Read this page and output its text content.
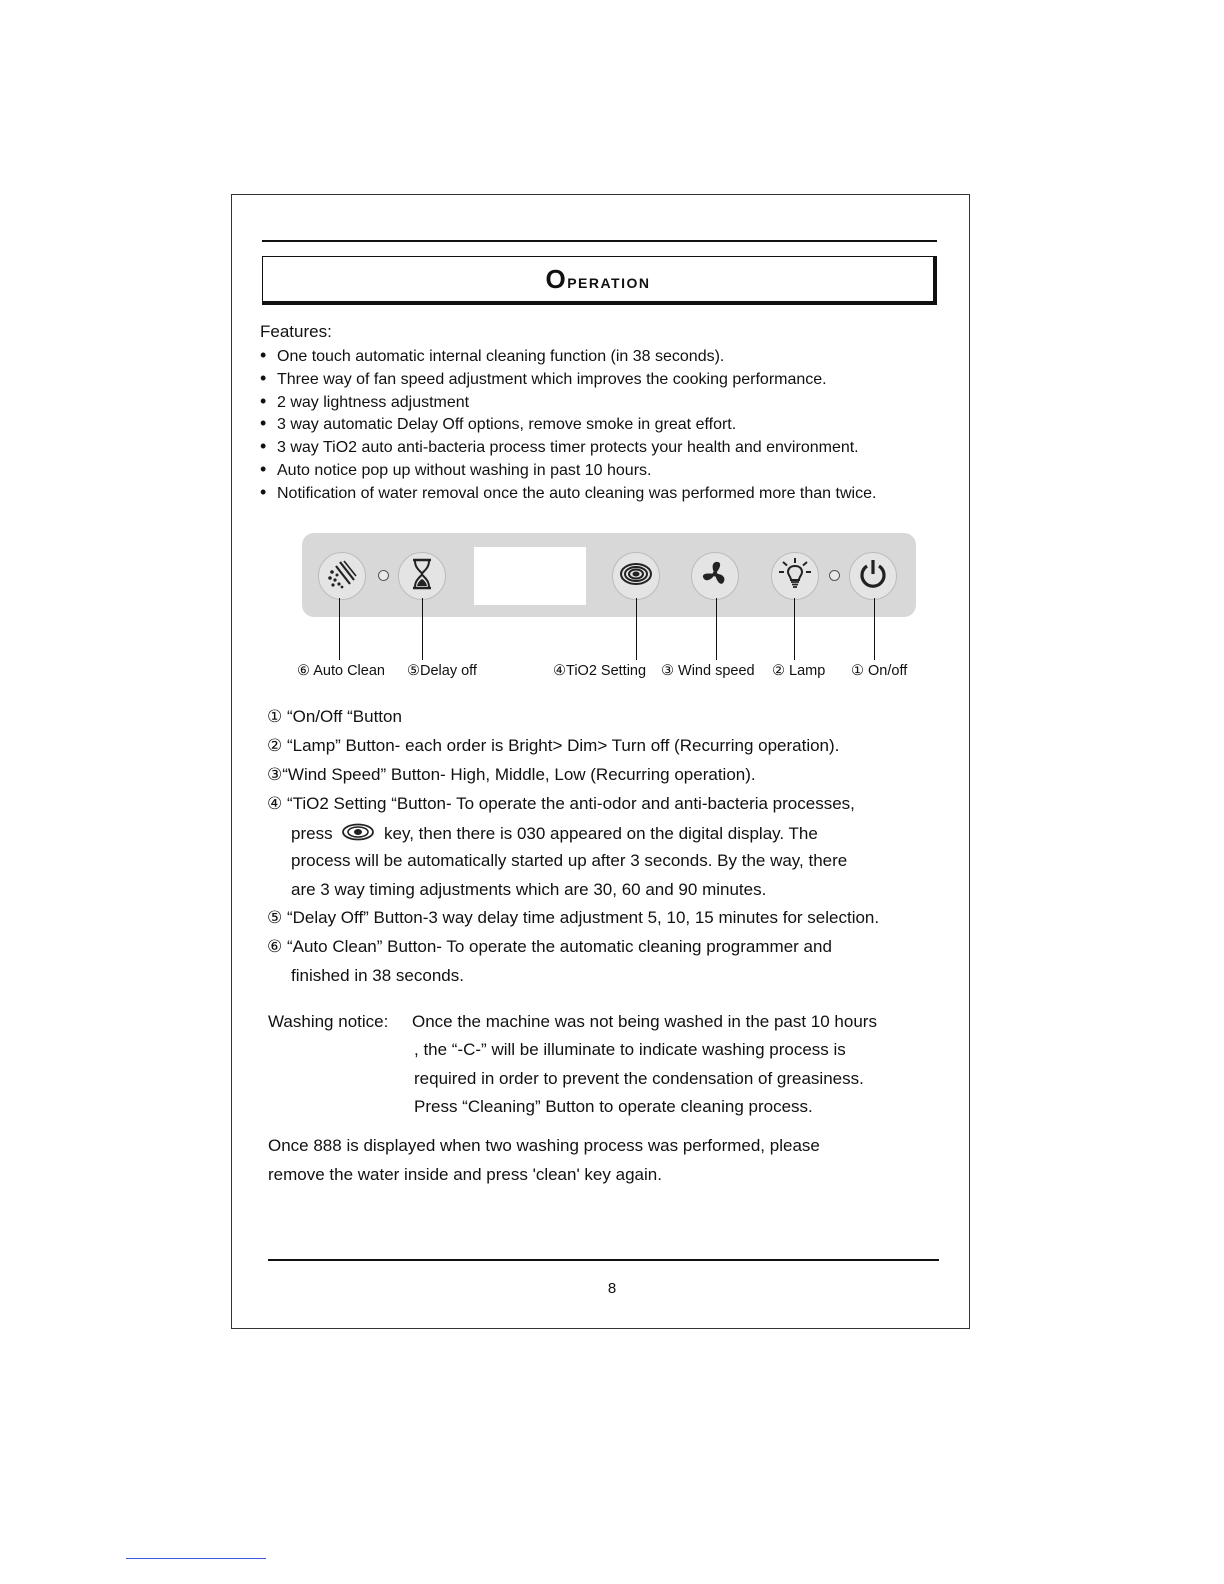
Operation
Features:
• One touch automatic internal cleaning function (in 38 seconds).
• Three way of fan speed adjustment which improves the cooking performance.
• 2 way lightness adjustment
• 3 way automatic Delay Off options, remove smoke in great effort.
• 3 way TiO2 auto anti-bacteria process timer protects your health and environment.
• Auto notice pop up without washing in past 10 hours.
• Notification of water removal once the auto cleaning was performed more than twice.
⑥ Auto Clean ⑤Delay off	④TiO2 Setting ③ Wind speed ② Lamp ① On/off
① “On/Off “Button
② “Lamp” Button- each order is Bright> Dim> Turn off (Recurring operation).
③“Wind Speed” Button- High, Middle, Low (Recurring operation).
④ “TiO2 Setting “Button- To operate the anti-odor and anti-bacteria processes,
press	key, then there is 030 appeared on the digital display. The
process will be automatically started up after 3 seconds. By the way, there
are 3 way timing adjustments which are 30, 60 and 90 minutes.
⑤ “Delay Off” Button-3 way delay time adjustment 5, 10, 15 minutes for selection.
⑥ “Auto Clean” Button- To operate the automatic cleaning programmer and
finished in 38 seconds.
Washing notice: Once the machine was not being washed in the past 10 hours
, the “-C-” will be illuminate to indicate washing process is
required in order to prevent the condensation of greasiness.
Press “Cleaning” Button to operate cleaning process.
Once 888 is displayed when two washing process was performed, please
remove the water inside and press 'clean' key again.
8
